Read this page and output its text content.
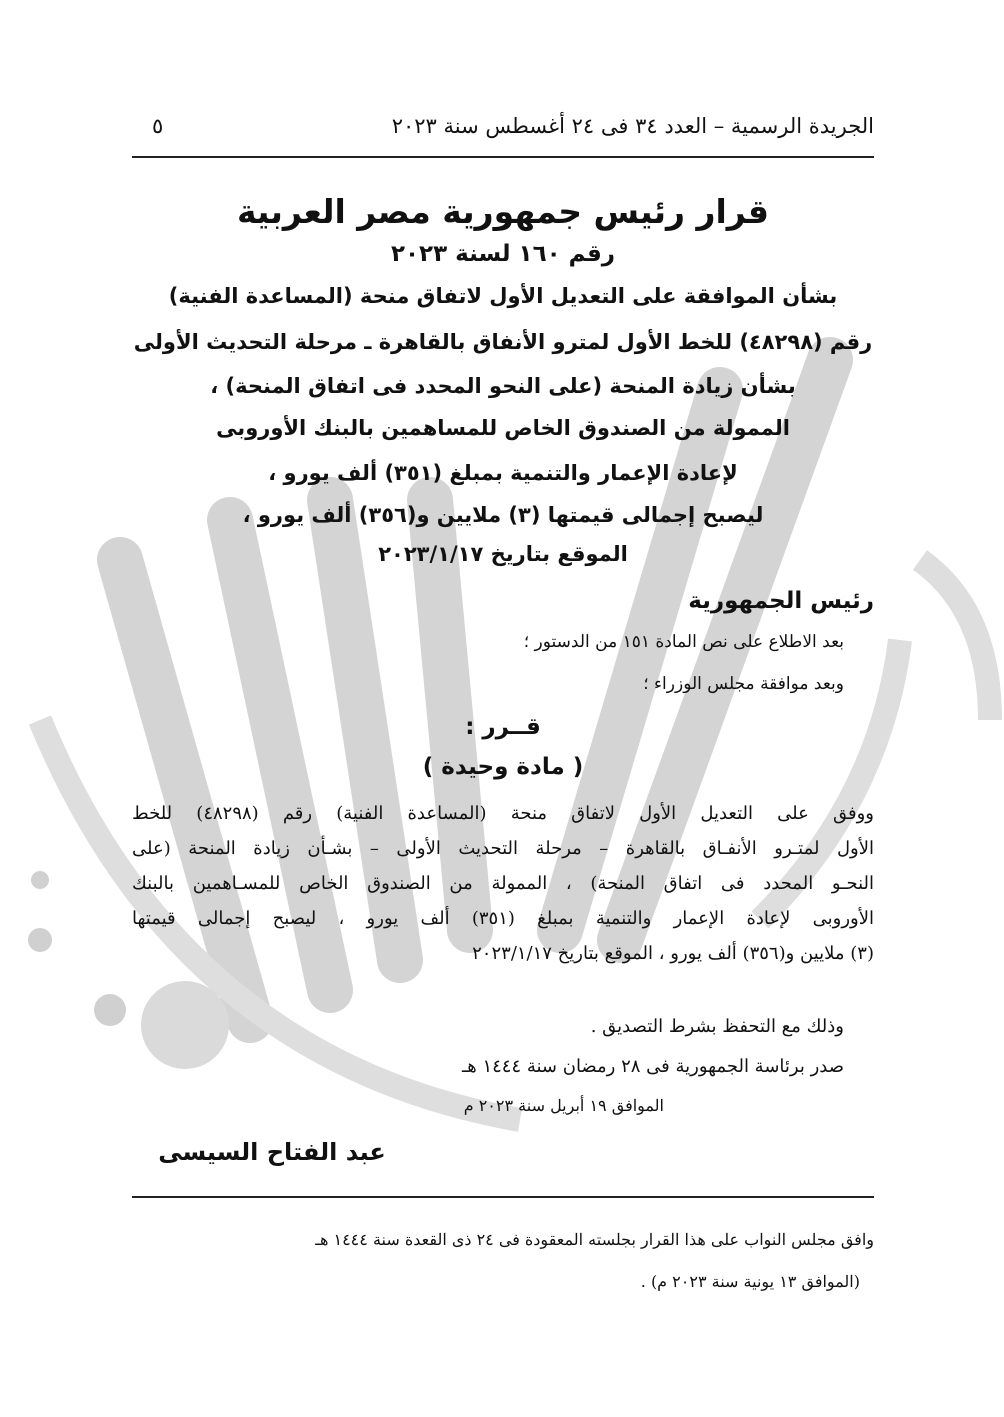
الجريدة الرسمية – العدد ٣٤ فى ٢٤ أغسطس سنة ٢٠٢٣
٥
قرار رئيس جمهورية مصر العربية
رقم ١٦٠ لسنة ٢٠٢٣
بشأن الموافقة على التعديل الأول لاتفاق منحة (المساعدة الفنية)
رقم (٤٨٢٩٨) للخط الأول لمترو الأنفاق بالقاهرة ـ مرحلة التحديث الأولى
بشأن زيادة المنحة (على النحو المحدد فى اتفاق المنحة) ،
الممولة من الصندوق الخاص للمساهمين بالبنك الأوروبى
لإعادة الإعمار والتنمية بمبلغ (٣٥١) ألف يورو ،
ليصبح إجمالى قيمتها (٣) ملايين و(٣٥٦) ألف يورو ،
الموقع بتاريخ ٢٠٢٣/١/١٧
رئيس الجمهورية
بعد الاطلاع على نص المادة ١٥١ من الدستور ؛
وبعد موافقة مجلس الوزراء ؛
قــرر :
( مادة وحيدة )
ووفق على التعديل الأول لاتفاق منحة (المساعدة الفنية) رقم (٤٨٢٩٨) للخط
الأول لمتـرو الأنفـاق بالقاهرة – مرحلة التحديث الأولى – بشـأن زيادة المنحة (على
النحـو المحدد فى اتفاق المنحة) ، الممولة من الصندوق الخاص للمسـاهمين بالبنك
الأوروبى لإعادة الإعمار والتنمية بمبلغ (٣٥١) ألف يورو ، ليصبح إجمالى قيمتها
(٣) ملايين و(٣٥٦) ألف يورو ، الموقع بتاريخ ٢٠٢٣/١/١٧
وذلك مع التحفظ بشرط التصديق .
صدر برئاسة الجمهورية فى ٢٨ رمضان سنة ١٤٤٤ هـ
الموافق ١٩ أبريل سنة ٢٠٢٣ م
عبد الفتاح السيسى
وافق مجلس النواب على هذا القرار بجلسته المعقودة فى ٢٤ ذى القعدة سنة ١٤٤٤ هـ
(الموافق ١٣ يونية سنة ٢٠٢٣ م) .
